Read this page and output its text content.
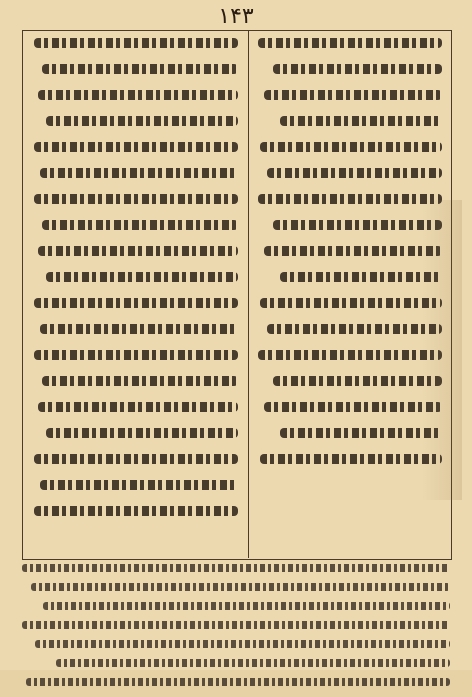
۱۴۳
